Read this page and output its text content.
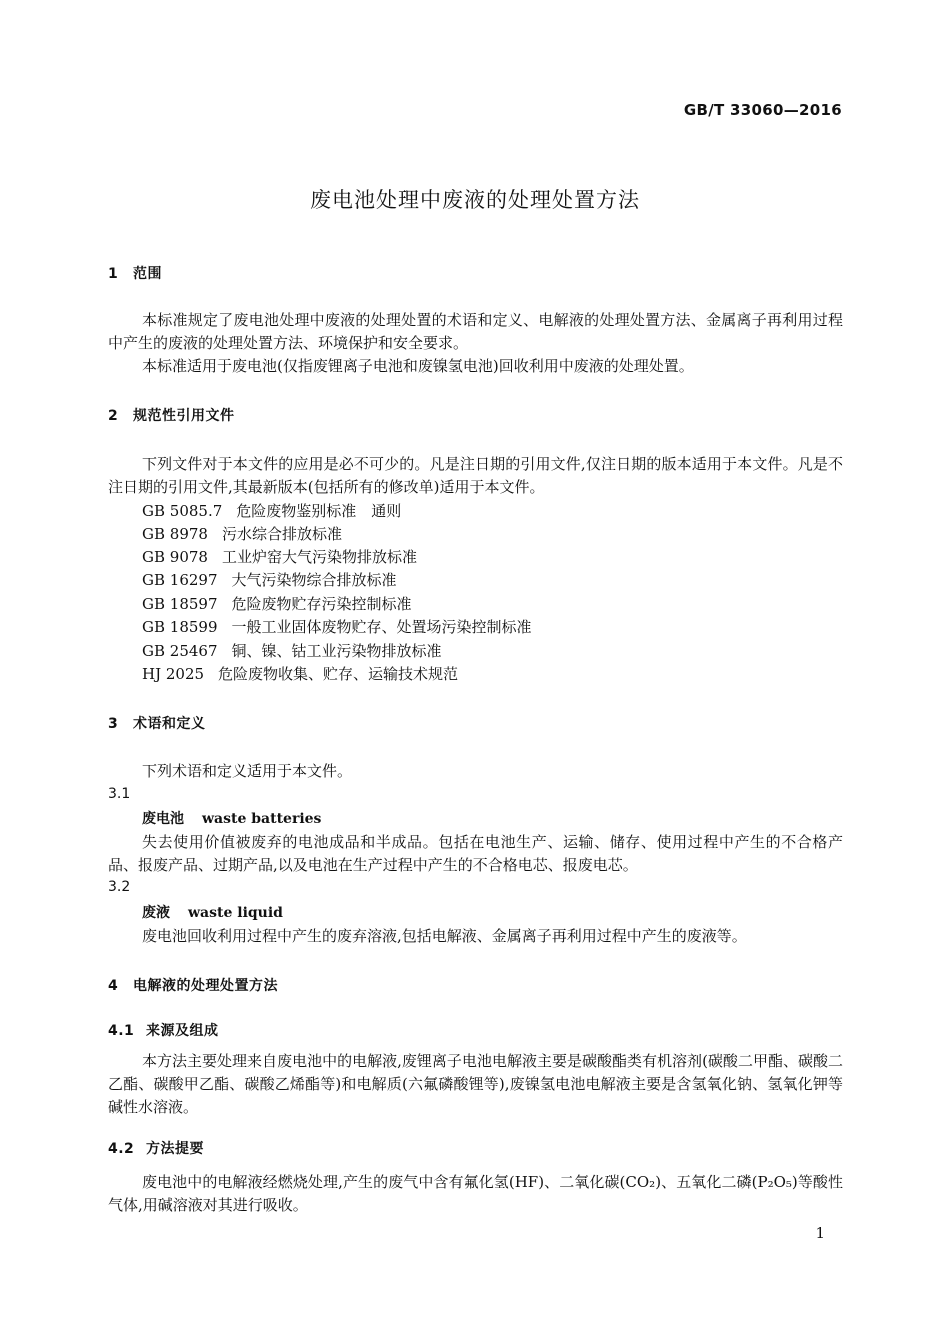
GB/T 33060—2016
废电池处理中废液的处理处置方法
1 范围
本标准规定了废电池处理中废液的处理处置的术语和定义、电解液的处理处置方法、金属离子再利用过程中产生的废液的处理处置方法、环境保护和安全要求。
本标准适用于废电池(仅指废锂离子电池和废镍氢电池)回收利用中废液的处理处置。
2 规范性引用文件
下列文件对于本文件的应用是必不可少的。凡是注日期的引用文件,仅注日期的版本适用于本文件。凡是不注日期的引用文件,其最新版本(包括所有的修改单)适用于本文件。
GB 5085.7 危险废物鉴别标准　通则
GB 8978 污水综合排放标准
GB 9078 工业炉窑大气污染物排放标准
GB 16297 大气污染物综合排放标准
GB 18597 危险废物贮存污染控制标准
GB 18599 一般工业固体废物贮存、处置场污染控制标准
GB 25467 铜、镍、钴工业污染物排放标准
HJ 2025 危险废物收集、贮存、运输技术规范
3 术语和定义
下列术语和定义适用于本文件。
3.1
废电池 waste batteries
失去使用价值被废弃的电池成品和半成品。包括在电池生产、运输、储存、使用过程中产生的不合格产品、报废产品、过期产品,以及电池在生产过程中产生的不合格电芯、报废电芯。
3.2
废液 waste liquid
废电池回收利用过程中产生的废弃溶液,包括电解液、金属离子再利用过程中产生的废液等。
4 电解液的处理处置方法
4.1 来源及组成
本方法主要处理来自废电池中的电解液,废锂离子电池电解液主要是碳酸酯类有机溶剂(碳酸二甲酯、碳酸二乙酯、碳酸甲乙酯、碳酸乙烯酯等)和电解质(六氟磷酸锂等),废镍氢电池电解液主要是含氢氧化钠、氢氧化钾等碱性水溶液。
4.2 方法提要
废电池中的电解液经燃烧处理,产生的废气中含有氟化氢(HF)、二氧化碳(CO₂)、五氧化二磷(P₂O₅)等酸性气体,用碱溶液对其进行吸收。
1
